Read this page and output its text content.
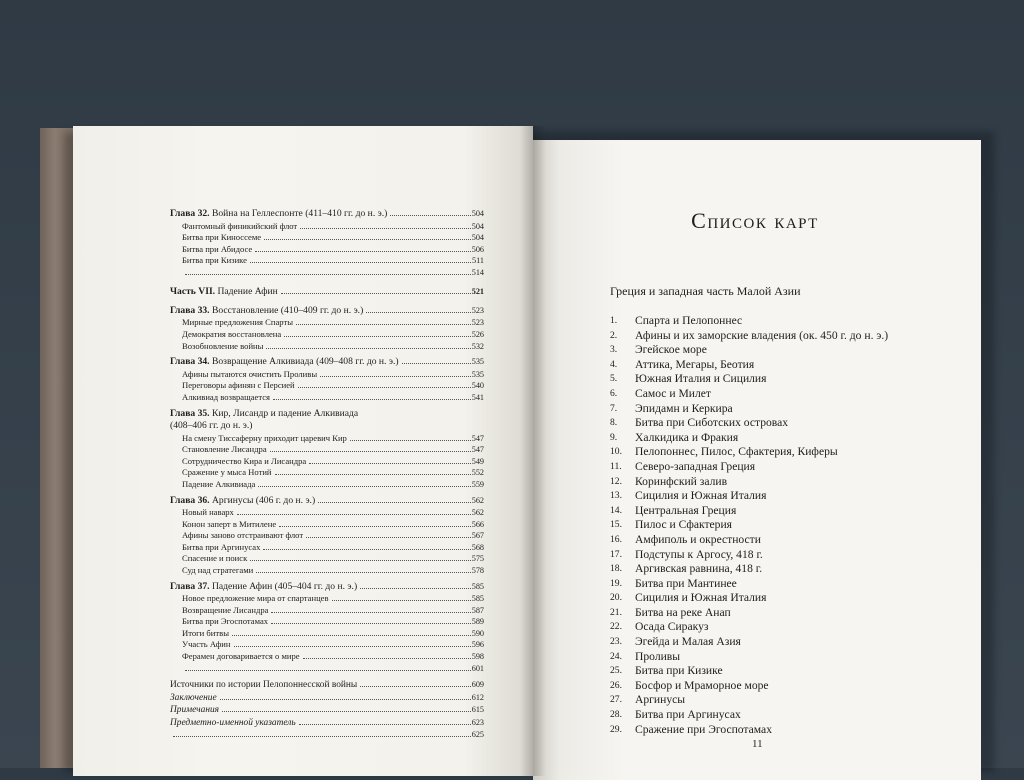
Глава 32. Война на Геллеспонте (411–410 гг. до н. э.)	504
Фантомный финикийский флот	504
Битва при Киноссеме	504
Битва при Абидосе	506
Битва при Кизике	511
514
Часть VII. Падение Афин	521
Глава 33. Восстановление (410–409 гг. до н. э.)	523
Мирные предложения Спарты	523
Демократия восстановлена	526
Возобновление войны	532
Глава 34. Возвращение Алкивиада (409–408 гг. до н. э.)	535
Афины пытаются очистить Проливы	535
Переговоры афинян с Персией	540
Алкивиад возвращается	541
Глава 35. Кир, Лисандр и падение Алкивиада
(408–406 гг. до н. э.)
На смену Тиссаферну приходит царевич Кир	547
Становление Лисандра	547
Сотрудничество Кира и Лисандра	549
Сражение у мыса Нотий	552
Падение Алкивиада	559
Глава 36. Аргинусы (406 г. до н. э.)	562
Новый наварх	562
Конон заперт в Митилене	566
Афины заново отстраивают флот	567
Битва при Аргинусах	568
Спасение и поиск	575
Суд над стратегами	578
Глава 37. Падение Афин (405–404 гг. до н. э.)	585
Новое предложение мира от спартанцев	585
Возвращение Лисандра	587
Битва при Эгоспотамах	589
Итоги битвы	590
Участь Афин	596
Ферамен договаривается о мире	598
601
Источники по истории Пелопоннесской войны	609
Заключение	612
Примечания	615
Предметно-именной указатель	623
625
Список карт
Греция и западная часть Малой Азии
1.	Спарта и Пелопоннес
2.	Афины и их заморские владения (ок. 450 г. до н. э.)
3.	Эгейское море
4.	Аттика, Мегары, Беотия
5.	Южная Италия и Сицилия
6.	Самос и Милет
7.	Эпидамн и Керкира
8.	Битва при Сиботских островах
9.	Халкидика и Фракия
10.	Пелопоннес, Пилос, Сфактерия, Киферы
11.	Северо-западная Греция
12.	Коринфский залив
13.	Сицилия и Южная Италия
14.	Центральная Греция
15.	Пилос и Сфактерия
16.	Амфиполь и окрестности
17.	Подступы к Аргосу, 418 г.
18.	Аргивская равнина, 418 г.
19.	Битва при Мантинее
20.	Сицилия и Южная Италия
21.	Битва на реке Анап
22.	Осада Сиракуз
23.	Эгейда и Малая Азия
24.	Проливы
25.	Битва при Кизике
26.	Босфор и Мраморное море
27.	Аргинусы
28.	Битва при Аргинусах
29.	Сражение при Эгоспотамах
11
